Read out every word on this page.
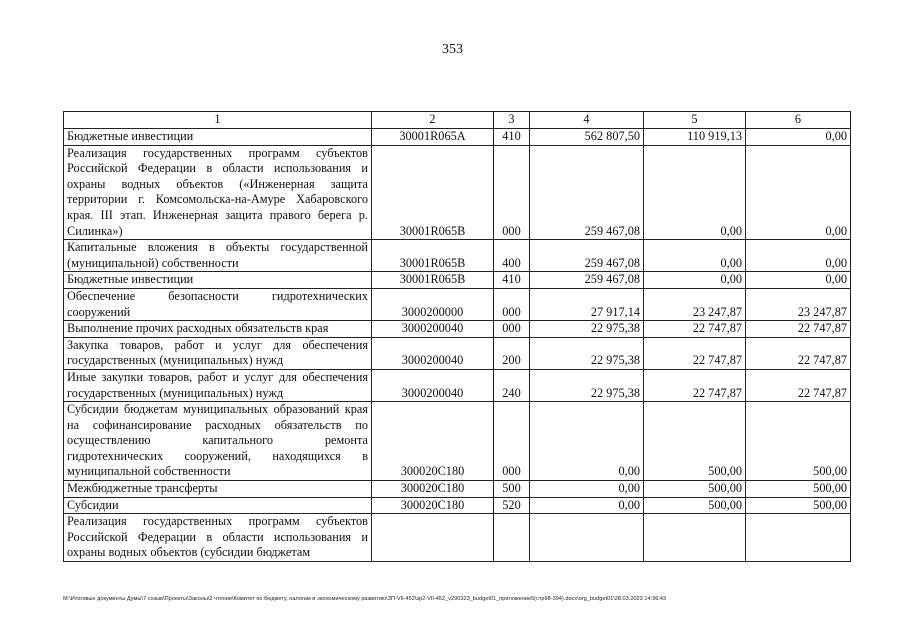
353
1	2	3	4	5	6
Бюджетные инвестиции	30001R065A	410	562 807,50	110 919,13	0,00
Реализация государственных программ субъектов Российской Федерации в области использования и охраны водных объектов («Инженерная защита территории г. Комсомольска-на-Амуре Хабаровского края. III этап. Инженерная защита правого берега р. Силинка»)	30001R065B	000	259 467,08	0,00	0,00
Капитальные вложения в объекты государственной (муниципальной) собственности	30001R065B	400	259 467,08	0,00	0,00
Бюджетные инвестиции	30001R065B	410	259 467,08	0,00	0,00
Обеспечение безопасности гидротехнических сооружений	3000200000	000	27 917,14	23 247,87	23 247,87
Выполнение прочих расходных обязательств края	3000200040	000	22 975,38	22 747,87	22 747,87
Закупка товаров, работ и услуг для обеспечения государственных (муниципальных) нужд	3000200040	200	22 975,38	22 747,87	22 747,87
Иные закупки товаров, работ и услуг для обеспечения государственных (муниципальных) нужд	3000200040	240	22 975,38	22 747,87	22 747,87
Субсидии бюджетам муниципальных образований края на софинансирование расходных обязательств по осуществлению капитального ремонта гидротехнических сооружений, находящихся в муниципальной собственности	300020С180	000	0,00	500,00	500,00
Межбюджетные трансферты	300020С180	500	0,00	500,00	500,00
Субсидии	300020С180	520	0,00	500,00	500,00
Реализация государственных программ субъектов Российской Федерации в области использования и охраны водных объектов (субсидии бюджетам					
M:\Итоговые документы Думы\7 созыв\Проекты\Законы\2 чтение\Комитет по бюджету, налогам и экономическому развитию\ЗП-VII-452\зр2-VII-452_v290323_budget01_приложение5(стр98-394).docx\org_budget01\28.03.2023 14:36:43
